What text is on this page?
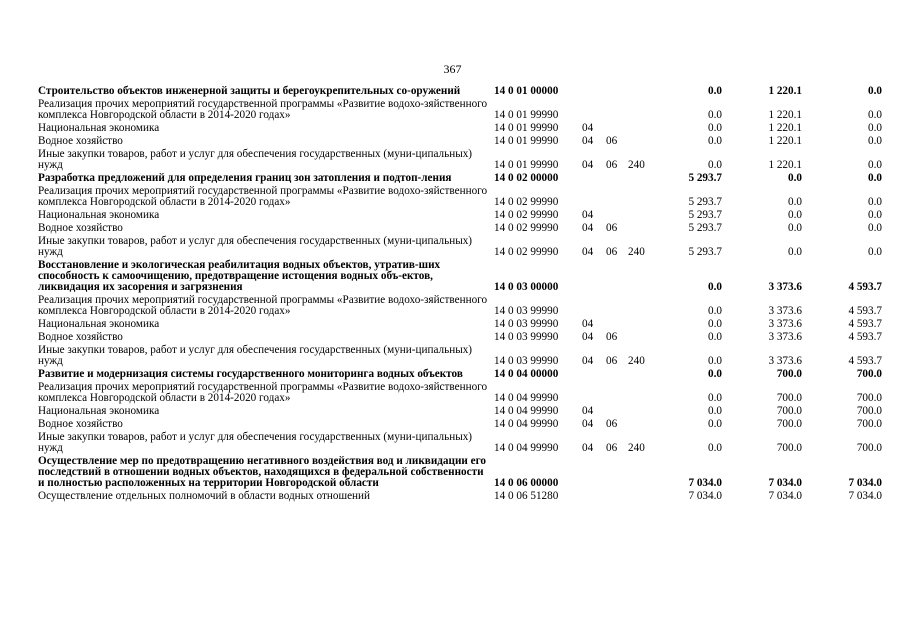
367
Строительство объектов инженерной защиты и берегоукрепительных со-оружений	14 0 01 00000	0.0	1 220.1	0.0
Реализация прочих мероприятий государственной программы «Развитие водохо-зяйственного комплекса Новгородской области в 2014-2020 годах»	14 0 01 99990	0.0	1 220.1	0.0
Национальная экономика	14 0 01 99990 04	0.0	1 220.1	0.0
Водное хозяйство	14 0 01 99990 04 06	0.0	1 220.1	0.0
Иные закупки товаров, работ и услуг для обеспечения государственных (муни-ципальных) нужд	14 0 01 99990 04 06 240	0.0	1 220.1	0.0
Разработка предложений для определения границ зон затопления и подтоп-ления	14 0 02 00000	5 293.7	0.0	0.0
Реализация прочих мероприятий государственной программы «Развитие водохо-зяйственного комплекса Новгородской области в 2014-2020 годах»	14 0 02 99990	5 293.7	0.0	0.0
Национальная экономика	14 0 02 99990 04	5 293.7	0.0	0.0
Водное хозяйство	14 0 02 99990 04 06	5 293.7	0.0	0.0
Иные закупки товаров, работ и услуг для обеспечения государственных (муни-ципальных) нужд	14 0 02 99990 04 06 240	5 293.7	0.0	0.0
Восстановление и экологическая реабилитация водных объектов, утратив-ших способность к самоочищению, предотвращение истощения водных объ-ектов, ликвидация их засорения и загрязнения	14 0 03 00000	0.0	3 373.6	4 593.7
Реализация прочих мероприятий государственной программы «Развитие водохо-зяйственного комплекса Новгородской области в 2014-2020 годах»	14 0 03 99990	0.0	3 373.6	4 593.7
Национальная экономика	14 0 03 99990 04	0.0	3 373.6	4 593.7
Водное хозяйство	14 0 03 99990 04 06	0.0	3 373.6	4 593.7
Иные закупки товаров, работ и услуг для обеспечения государственных (муни-ципальных) нужд	14 0 03 99990 04 06 240	0.0	3 373.6	4 593.7
Развитие и модернизация системы государственного мониторинга водных объектов	14 0 04 00000	0.0	700.0	700.0
Реализация прочих мероприятий государственной программы «Развитие водохо-зяйственного комплекса Новгородской области в 2014-2020 годах»	14 0 04 99990	0.0	700.0	700.0
Национальная экономика	14 0 04 99990 04	0.0	700.0	700.0
Водное хозяйство	14 0 04 99990 04 06	0.0	700.0	700.0
Иные закупки товаров, работ и услуг для обеспечения государственных (муни-ципальных) нужд	14 0 04 99990 04 06 240	0.0	700.0	700.0
Осуществление мер по предотвращению негативного воздействия вод и ликвидации его последствий в отношении водных объектов, находящихся в федеральной собственности и полностью расположенных на территории Новгородской области	14 0 06 00000	7 034.0	7 034.0	7 034.0
Осуществление отдельных полномочий в области водных отношений	14 0 06 51280	7 034.0	7 034.0	7 034.0
